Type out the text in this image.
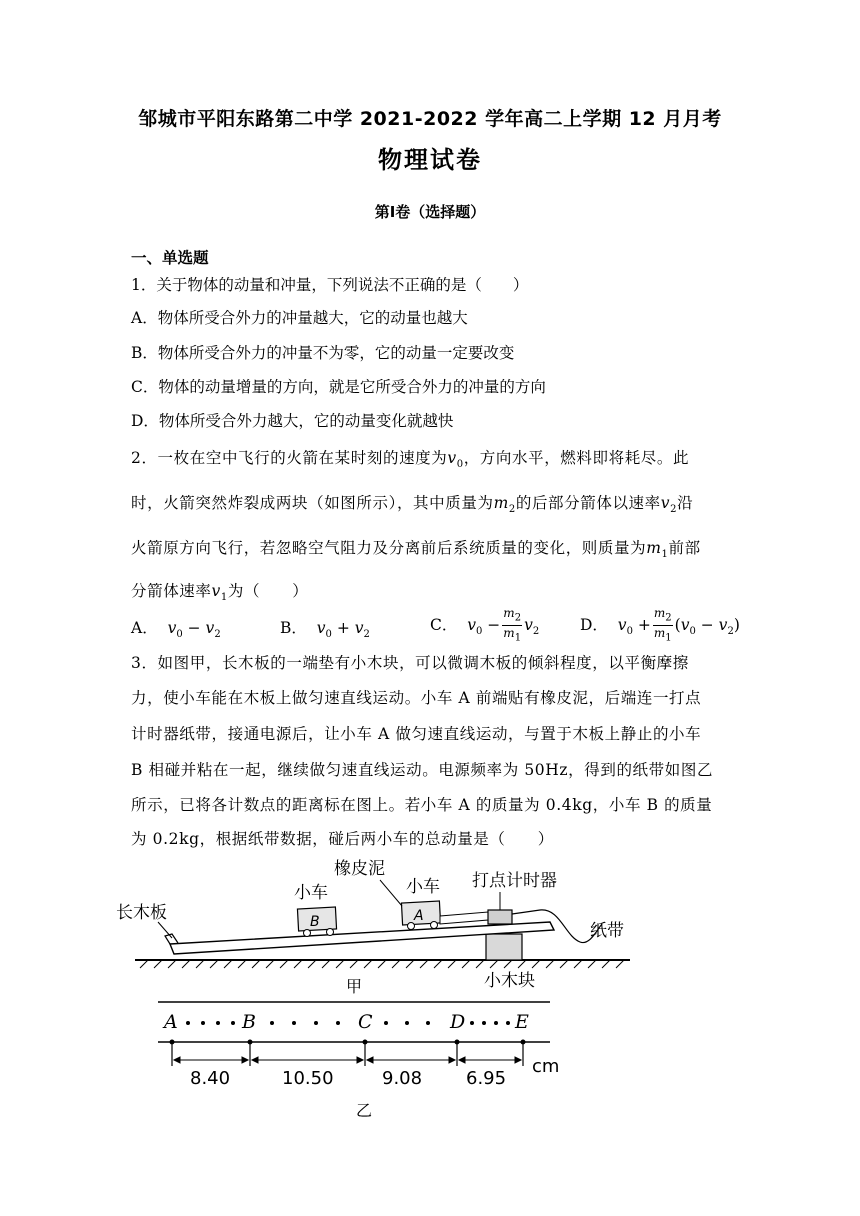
邹城市平阳东路第二中学 2021-2022 学年高二上学期 12 月月考
物理试卷
第Ⅰ卷（选择题）
一、单选题
1．关于物体的动量和冲量，下列说法不正确的是（　　）
A．物体所受合外力的冲量越大，它的动量也越大
B．物体所受合外力的冲量不为零，它的动量一定要改变
C．物体的动量增量的方向，就是它所受合外力的冲量的方向
D．物体所受合外力越大，它的动量变化就越快
2．一枚在空中飞行的火箭在某时刻的速度为$v_0$，方向水平，燃料即将耗尽。此
时，火箭突然炸裂成两块（如图所示），其中质量为$m_2$的后部分箭体以速率$v_2$沿
火箭原方向飞行，若忽略空气阻力及分离前后系统质量的变化，则质量为$m_1$前部
分箭体速率$v_1$为（　　）
A． $v_0 - v_2$	B． $v_0 + v_2$
C． $v_0 - \frac{m_2}{m_1} v_2$	D． $v_0 + \frac{m_2}{m_1} (v_0 - v_2)$
3．如图甲，长木板的一端垫有小木块，可以微调木板的倾斜程度，以平衡摩擦
力，使小车能在木板上做匀速直线运动。小车 A 前端贴有橡皮泥，后端连一打点
计时器纸带，接通电源后，让小车 A 做匀速直线运动，与置于木板上静止的小车
B 相碰并粘在一起，继续做匀速直线运动。电源频率为 50Hz，得到的纸带如图乙
所示，已将各计数点的距离标在图上。若小车 A 的质量为 0.4kg，小车 B 的质量
为 0.2kg，根据纸带数据，碰后两小车的总动量是（　　）
B	A
长木板
小车
橡皮泥
小车 打点计时器
纸带
小木块
甲
A	B	C	D	E
8.40	10.50	9.08 6.95
cm
乙
